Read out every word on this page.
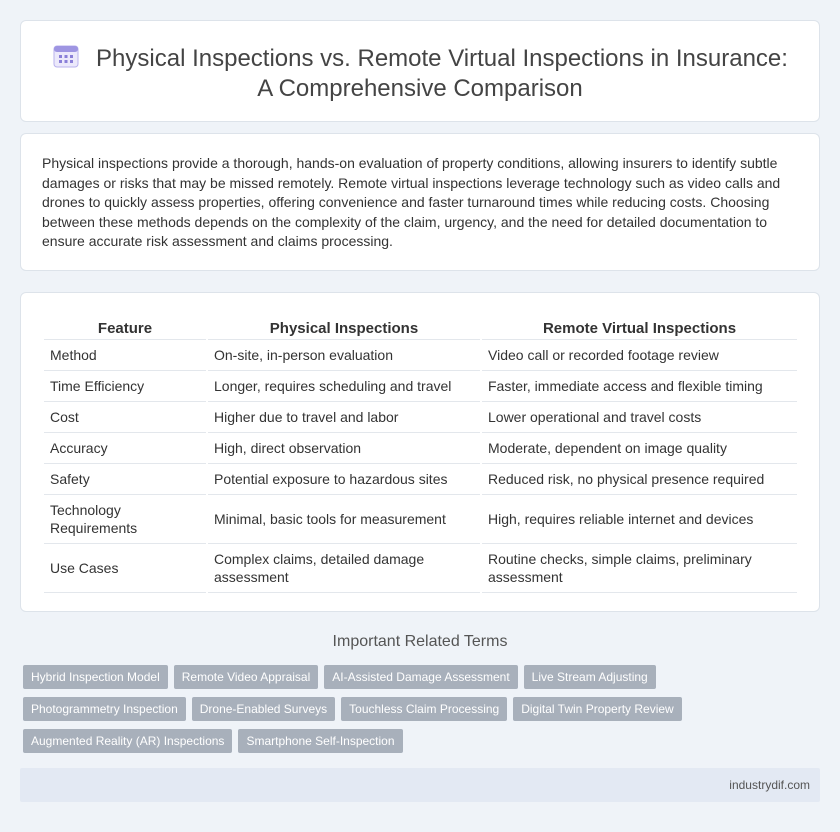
Physical Inspections vs. Remote Virtual Inspections in Insurance:
A Comprehensive Comparison

Physical inspections provide a thorough, hands-on evaluation of property conditions, allowing insurers to identify subtle damages or risks that may be missed remotely. Remote virtual inspections leverage technology such as video calls and drones to quickly assess properties, offering convenience and faster turnaround times while reducing costs. Choosing between these methods depends on the complexity of the claim, urgency, and the need for detailed documentation to ensure accurate risk assessment and claims processing.

Feature	Physical Inspections	Remote Virtual Inspections
Method	On-site, in-person evaluation	Video call or recorded footage review
Time Efficiency	Longer, requires scheduling and travel	Faster, immediate access and flexible timing
Cost	Higher due to travel and labor	Lower operational and travel costs
Accuracy	High, direct observation	Moderate, dependent on image quality
Safety	Potential exposure to hazardous sites	Reduced risk, no physical presence required
Technology Requirements	Minimal, basic tools for measurement	High, requires reliable internet and devices
Use Cases	Complex claims, detailed damage assessment	Routine checks, simple claims, preliminary assessment
Important Related Terms
Hybrid Inspection Model	Remote Video Appraisal	AI-Assisted Damage Assessment	Live Stream Adjusting
Photogrammetry Inspection	Drone-Enabled Surveys	Touchless Claim Processing	Digital Twin Property Review
Augmented Reality (AR) Inspections	Smartphone Self-Inspection
industrydif.com
